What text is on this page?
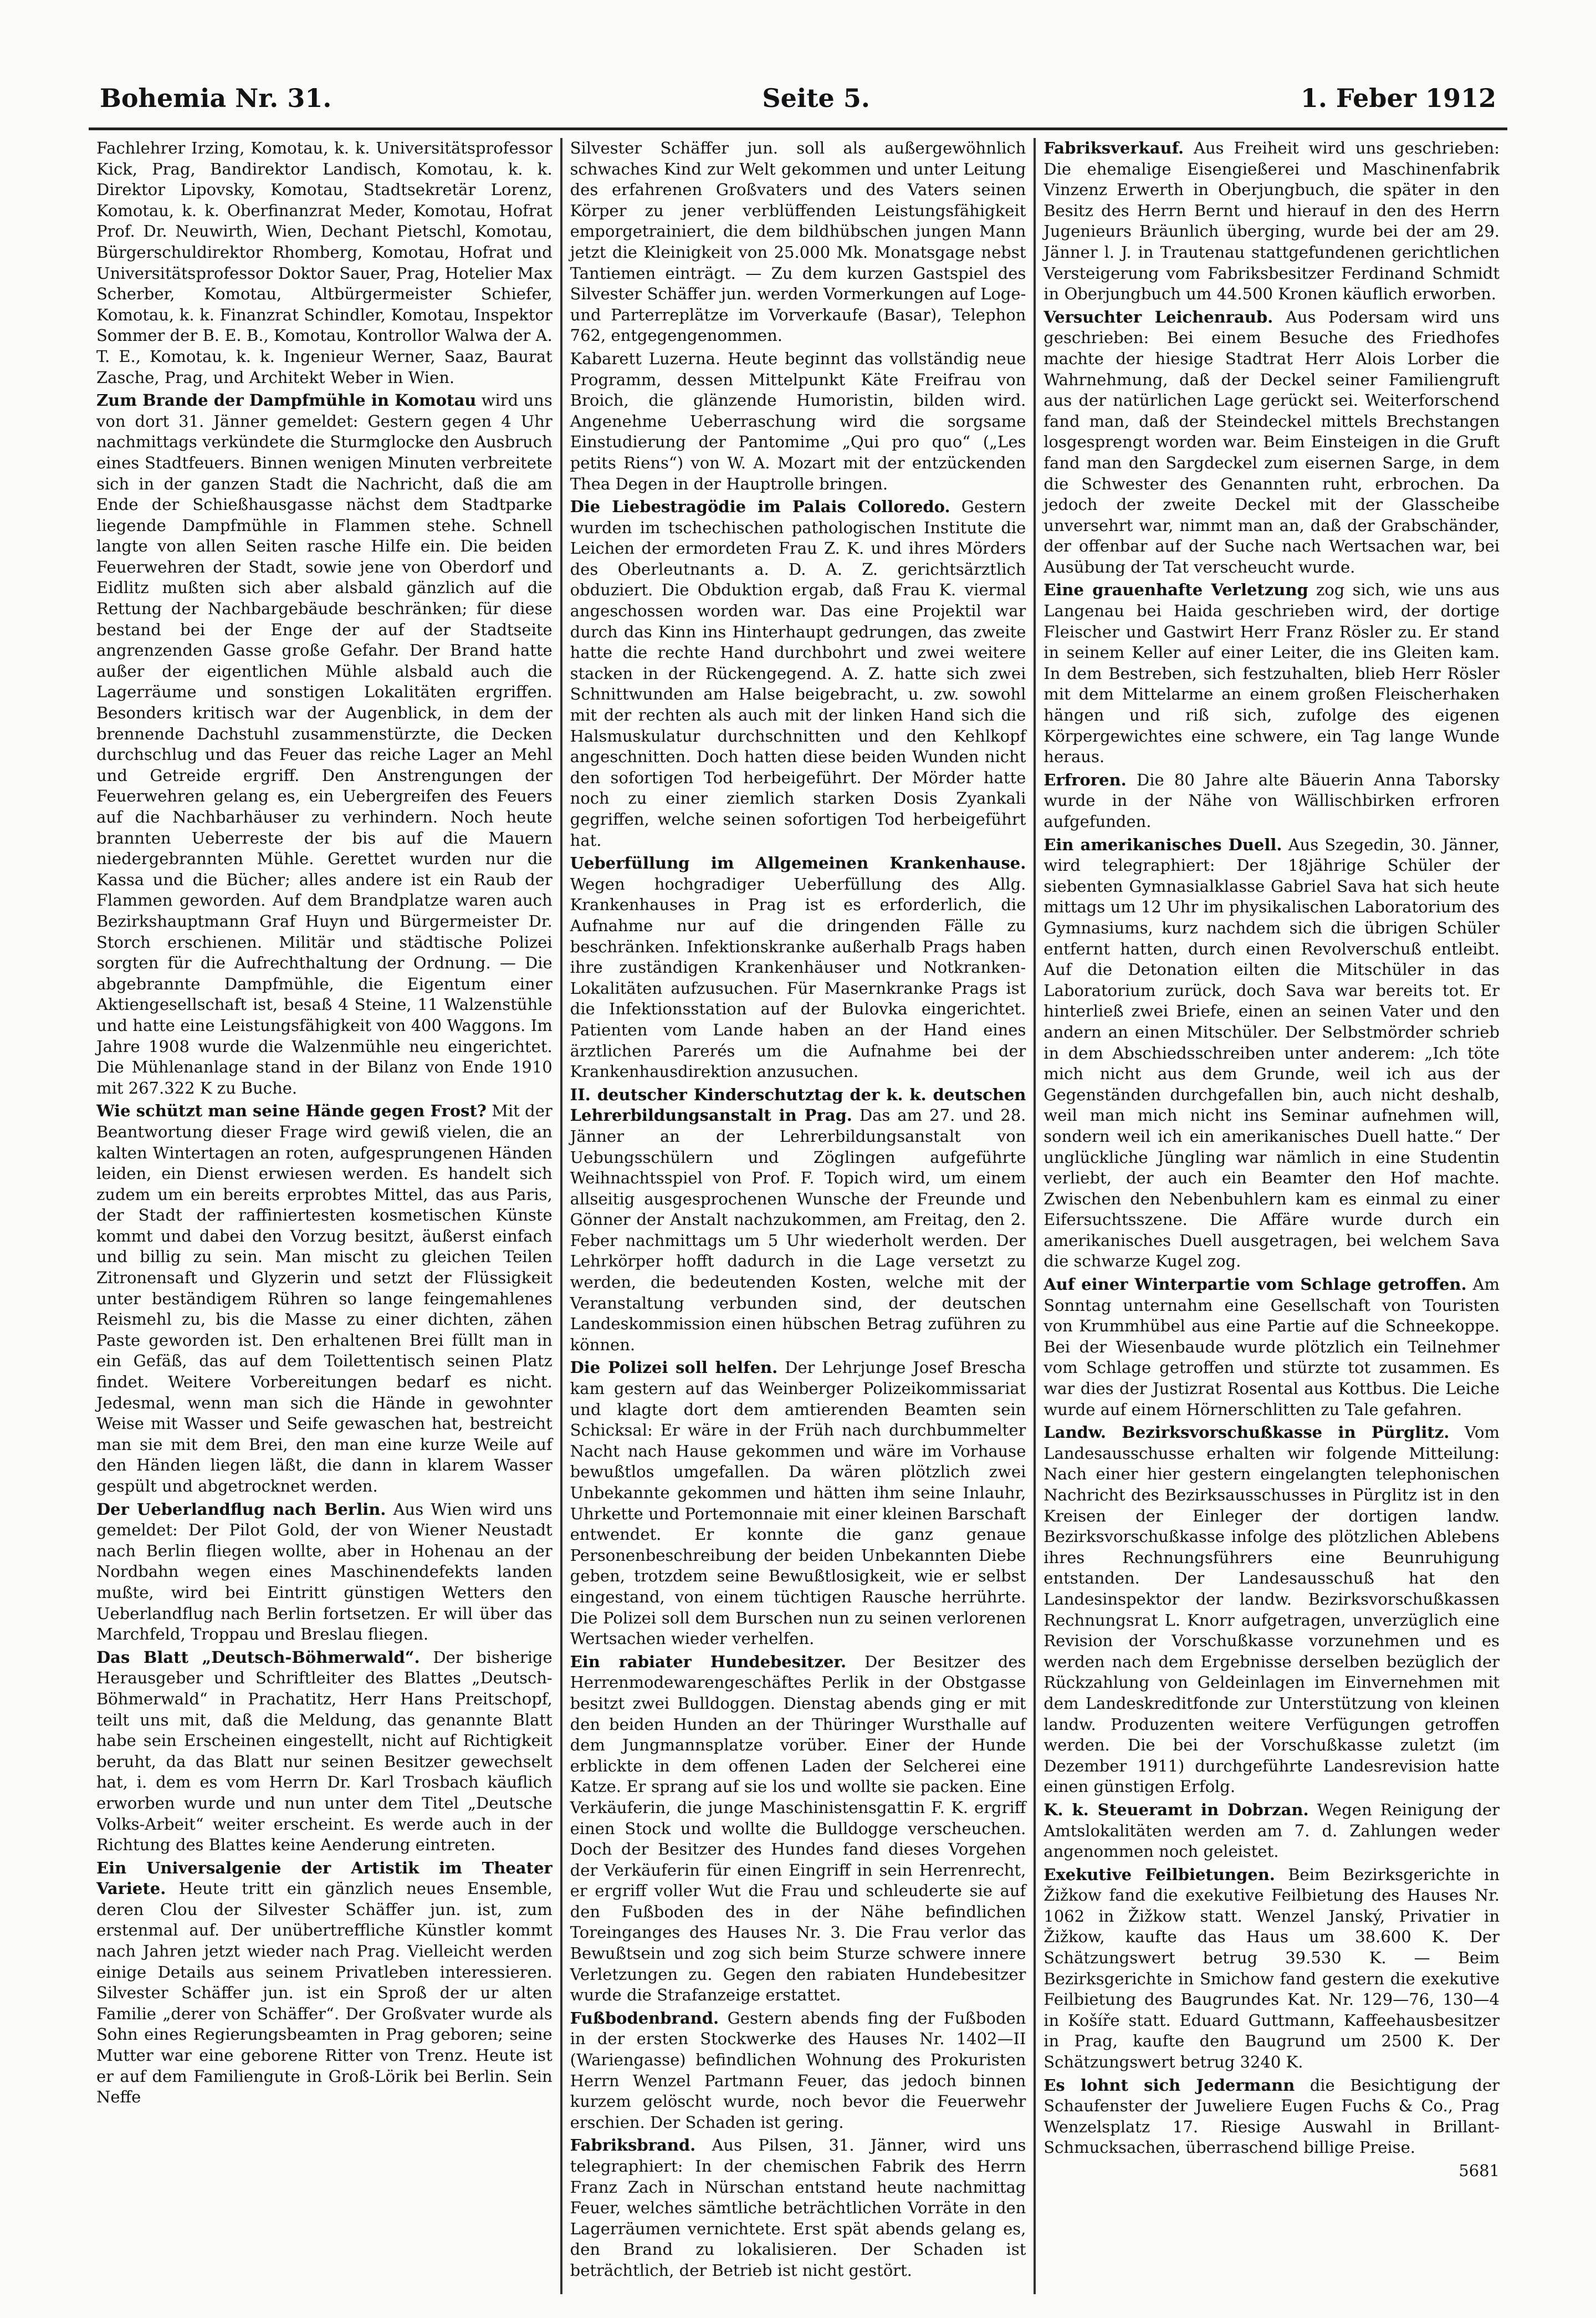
Bohemia Nr. 31.	Seite 5.	1. Feber 1912

Fachlehrer Irzing, Komotau, k. k. Universitätsprofessor Kick, Prag, Bandirektor Landisch, Komotau, k. k. Direktor Lipovsky, Komotau, Stadtsekretär Lorenz, Komotau, k. k. Oberfinanzrat Meder, Komotau, Hofrat Prof. Dr. Neuwirth, Wien, Dechant Pietschl, Komotau, Bürgerschuldirektor Rhomberg, Komotau, Hofrat und Universitätsprofessor Doktor Sauer, Prag, Hotelier Max Scherber, Komotau, Altbürgermeister Schiefer, Komotau, k. k. Finanzrat Schindler, Komotau, Inspektor Sommer der B. E. B., Komotau, Kontrollor Walwa der A. T. E., Komotau, k. k. Ingenieur Werner, Saaz, Baurat Zasche, Prag, und Architekt Weber in Wien.

Zum Brande der Dampfmühle in Komotau wird uns von dort 31. Jänner gemeldet: Gestern gegen 4 Uhr nachmittags verkündete die Sturmglocke den Ausbruch eines Stadtfeuers. Binnen wenigen Minuten verbreitete sich in der ganzen Stadt die Nachricht, daß die am Ende der Schießhausgasse nächst dem Stadtparke liegende Dampfmühle in Flammen stehe. Schnell langte von allen Seiten rasche Hilfe ein. Die beiden Feuerwehren der Stadt, sowie jene von Oberdorf und Eidlitz mußten sich aber alsbald gänzlich auf die Rettung der Nachbargebäude beschränken; für diese bestand bei der Enge der auf der Stadtseite angrenzenden Gasse große Gefahr. Der Brand hatte außer der eigentlichen Mühle alsbald auch die Lagerräume und sonstigen Lokalitäten ergriffen. Besonders kritisch war der Augenblick, in dem der brennende Dachstuhl zusammenstürzte, die Decken durchschlug und das Feuer das reiche Lager an Mehl und Getreide ergriff. Den Anstrengungen der Feuerwehren gelang es, ein Uebergreifen des Feuers auf die Nachbarhäuser zu verhindern. Noch heute brannten Ueberreste der bis auf die Mauern niedergebrannten Mühle. Gerettet wurden nur die Kassa und die Bücher; alles andere ist ein Raub der Flammen geworden. Auf dem Brandplatze waren auch Bezirkshauptmann Graf Huyn und Bürgermeister Dr. Storch erschienen. Militär und städtische Polizei sorgten für die Aufrechthaltung der Ordnung. — Die abgebrannte Dampfmühle, die Eigentum einer Aktiengesellschaft ist, besaß 4 Steine, 11 Walzenstühle und hatte eine Leistungsfähigkeit von 400 Waggons. Im Jahre 1908 wurde die Walzenmühle neu eingerichtet. Die Mühlenanlage stand in der Bilanz von Ende 1910 mit 267.322 K zu Buche.

Wie schützt man seine Hände gegen Frost? Mit der Beantwortung dieser Frage wird gewiß vielen, die an kalten Wintertagen an roten, aufgesprungenen Händen leiden, ein Dienst erwiesen werden. Es handelt sich zudem um ein bereits erprobtes Mittel, das aus Paris, der Stadt der raffiniertesten kosmetischen Künste kommt und dabei den Vorzug besitzt, äußerst einfach und billig zu sein. Man mischt zu gleichen Teilen Zitronensaft und Glyzerin und setzt der Flüssigkeit unter beständigem Rühren so lange feingemahlenes Reismehl zu, bis die Masse zu einer dichten, zähen Paste geworden ist. Den erhaltenen Brei füllt man in ein Gefäß, das auf dem Toilettentisch seinen Platz findet. Weitere Vorbereitungen bedarf es nicht. Jedesmal, wenn man sich die Hände in gewohnter Weise mit Wasser und Seife gewaschen hat, bestreicht man sie mit dem Brei, den man eine kurze Weile auf den Händen liegen läßt, die dann in klarem Wasser gespült und abgetrocknet werden.

Der Ueberlandflug nach Berlin. Aus Wien wird uns gemeldet: Der Pilot Gold, der von Wiener Neustadt nach Berlin fliegen wollte, aber in Hohenau an der Nordbahn wegen eines Maschinendefekts landen mußte, wird bei Eintritt günstigen Wetters den Ueberlandflug nach Berlin fortsetzen. Er will über das Marchfeld, Troppau und Breslau fliegen.

Das Blatt „Deutsch-Böhmerwald“. Der bisherige Herausgeber und Schriftleiter des Blattes „Deutsch-Böhmerwald“ in Prachatitz, Herr Hans Preitschopf, teilt uns mit, daß die Meldung, das genannte Blatt habe sein Erscheinen eingestellt, nicht auf Richtigkeit beruht, da das Blatt nur seinen Besitzer gewechselt hat, i. dem es vom Herrn Dr. Karl Trosbach käuflich erworben wurde und nun unter dem Titel „Deutsche Volks-Arbeit“ weiter erscheint. Es werde auch in der Richtung des Blattes keine Aenderung eintreten.

Ein Universalgenie der Artistik im Theater Variete. Heute tritt ein gänzlich neues Ensemble, deren Clou der Silvester Schäffer jun. ist, zum erstenmal auf. Der unübertreffliche Künstler kommt nach Jahren jetzt wieder nach Prag. Vielleicht werden einige Details aus seinem Privatleben interessieren. Silvester Schäffer jun. ist ein Sproß der ur alten Familie „derer von Schäffer“. Der Großvater wurde als Sohn eines Regierungsbeamten in Prag geboren; seine Mutter war eine geborene Ritter von Trenz. Heute ist er auf dem Familiengute in Groß-Lörik bei Berlin. Sein Neffe

Silvester Schäffer jun. soll als außergewöhnlich schwaches Kind zur Welt gekommen und unter Leitung des erfahrenen Großvaters und des Vaters seinen Körper zu jener verblüffenden Leistungsfähigkeit emporgetrainiert, die dem bildhübschen jungen Mann jetzt die Kleinigkeit von 25.000 Mk. Monatsgage nebst Tantiemen einträgt. — Zu dem kurzen Gastspiel des Silvester Schäffer jun. werden Vormerkungen auf Loge- und Parterreplätze im Vorverkaufe (Basar), Telephon 762, entgegengenommen.

Kabarett Luzerna. Heute beginnt das vollständig neue Programm, dessen Mittelpunkt Käte Freifrau von Broich, die glänzende Humoristin, bilden wird. Angenehme Ueberraschung wird die sorgsame Einstudierung der Pantomime „Qui pro quo“ („Les petits Riens“) von W. A. Mozart mit der entzückenden Thea Degen in der Hauptrolle bringen.

Die Liebestragödie im Palais Colloredo. Gestern wurden im tschechischen pathologischen Institute die Leichen der ermordeten Frau Z. K. und ihres Mörders des Oberleutnants a. D. A. Z. gerichtsärztlich obduziert. Die Obduktion ergab, daß Frau K. viermal angeschossen worden war. Das eine Projektil war durch das Kinn ins Hinterhaupt gedrungen, das zweite hatte die rechte Hand durchbohrt und zwei weitere stacken in der Rückengegend. A. Z. hatte sich zwei Schnittwunden am Halse beigebracht, u. zw. sowohl mit der rechten als auch mit der linken Hand sich die Halsmuskulatur durchschnitten und den Kehlkopf angeschnitten. Doch hatten diese beiden Wunden nicht den sofortigen Tod herbeigeführt. Der Mörder hatte noch zu einer ziemlich starken Dosis Zyankali gegriffen, welche seinen sofortigen Tod herbeigeführt hat.

Ueberfüllung im Allgemeinen Krankenhause. Wegen hochgradiger Ueberfüllung des Allg. Krankenhauses in Prag ist es erforderlich, die Aufnahme nur auf die dringenden Fälle zu beschränken. Infektionskranke außerhalb Prags haben ihre zuständigen Krankenhäuser und Notkranken-Lokalitäten aufzusuchen. Für Masernkranke Prags ist die Infektionsstation auf der Bulovka eingerichtet. Patienten vom Lande haben an der Hand eines ärztlichen Parerés um die Aufnahme bei der Krankenhausdirektion anzusuchen.

II. deutscher Kinderschutztag der k. k. deutschen Lehrerbildungsanstalt in Prag. Das am 27. und 28. Jänner an der Lehrerbildungsanstalt von Uebungsschülern und Zöglingen aufgeführte Weihnachtsspiel von Prof. F. Topich wird, um einem allseitig ausgesprochenen Wunsche der Freunde und Gönner der Anstalt nachzukommen, am Freitag, den 2. Feber nachmittags um 5 Uhr wiederholt werden. Der Lehrkörper hofft dadurch in die Lage versetzt zu werden, die bedeutenden Kosten, welche mit der Veranstaltung verbunden sind, der deutschen Landeskommission einen hübschen Betrag zuführen zu können.

Die Polizei soll helfen. Der Lehrjunge Josef Brescha kam gestern auf das Weinberger Polizeikommissariat und klagte dort dem amtierenden Beamten sein Schicksal: Er wäre in der Früh nach durchbummelter Nacht nach Hause gekommen und wäre im Vorhause bewußtlos umgefallen. Da wären plötzlich zwei Unbekannte gekommen und hätten ihm seine Inlauhr, Uhrkette und Portemonnaie mit einer kleinen Barschaft entwendet. Er konnte die ganz genaue Personenbeschreibung der beiden Unbekannten Diebe geben, trotzdem seine Bewußtlosigkeit, wie er selbst eingestand, von einem tüchtigen Rausche herrührte. Die Polizei soll dem Burschen nun zu seinen verlorenen Wertsachen wieder verhelfen.

Ein rabiater Hundebesitzer. Der Besitzer des Herrenmodewarengeschäftes Perlik in der Obstgasse besitzt zwei Bulldoggen. Dienstag abends ging er mit den beiden Hunden an der Thüringer Wursthalle auf dem Jungmannsplatze vorüber. Einer der Hunde erblickte in dem offenen Laden der Selcherei eine Katze. Er sprang auf sie los und wollte sie packen. Eine Verkäuferin, die junge Maschinistensgattin F. K. ergriff einen Stock und wollte die Bulldogge verscheuchen. Doch der Besitzer des Hundes fand dieses Vorgehen der Verkäuferin für einen Eingriff in sein Herrenrecht, er ergriff voller Wut die Frau und schleuderte sie auf den Fußboden des in der Nähe befindlichen Toreinganges des Hauses Nr. 3. Die Frau verlor das Bewußtsein und zog sich beim Sturze schwere innere Verletzungen zu. Gegen den rabiaten Hundebesitzer wurde die Strafanzeige erstattet.

Fußbodenbrand. Gestern abends fing der Fußboden in der ersten Stockwerke des Hauses Nr. 1402—II (Wariengasse) befindlichen Wohnung des Prokuristen Herrn Wenzel Partmann Feuer, das jedoch binnen kurzem gelöscht wurde, noch bevor die Feuerwehr erschien. Der Schaden ist gering.

Fabriksbrand. Aus Pilsen, 31. Jänner, wird uns telegraphiert: In der chemischen Fabrik des Herrn Franz Zach in Nürschan entstand heute nachmittag Feuer, welches sämtliche beträchtlichen Vorräte in den Lagerräumen vernichtete. Erst spät abends gelang es, den Brand zu lokalisieren. Der Schaden ist beträchtlich, der Betrieb ist nicht gestört.

Fabriksverkauf. Aus Freiheit wird uns geschrieben: Die ehemalige Eisengießerei und Maschinenfabrik Vinzenz Erwerth in Oberjungbuch, die später in den Besitz des Herrn Bernt und hierauf in den des Herrn Jugenieurs Bräunlich überging, wurde bei der am 29. Jänner l. J. in Trautenau stattgefundenen gerichtlichen Versteigerung vom Fabriksbesitzer Ferdinand Schmidt in Oberjungbuch um 44.500 Kronen käuflich erworben.

Versuchter Leichenraub. Aus Podersam wird uns geschrieben: Bei einem Besuche des Friedhofes machte der hiesige Stadtrat Herr Alois Lorber die Wahrnehmung, daß der Deckel seiner Familiengruft aus der natürlichen Lage gerückt sei. Weiterforschend fand man, daß der Steindeckel mittels Brechstangen losgesprengt worden war. Beim Einsteigen in die Gruft fand man den Sargdeckel zum eisernen Sarge, in dem die Schwester des Genannten ruht, erbrochen. Da jedoch der zweite Deckel mit der Glasscheibe unversehrt war, nimmt man an, daß der Grabschänder, der offenbar auf der Suche nach Wertsachen war, bei Ausübung der Tat verscheucht wurde.

Eine grauenhafte Verletzung zog sich, wie uns aus Langenau bei Haida geschrieben wird, der dortige Fleischer und Gastwirt Herr Franz Rösler zu. Er stand in seinem Keller auf einer Leiter, die ins Gleiten kam. In dem Bestreben, sich festzuhalten, blieb Herr Rösler mit dem Mittelarme an einem großen Fleischerhaken hängen und riß sich, zufolge des eigenen Körpergewichtes eine schwere, ein Tag lange Wunde heraus.

Erfroren. Die 80 Jahre alte Bäuerin Anna Taborsky wurde in der Nähe von Wällischbirken erfroren aufgefunden.

Ein amerikanisches Duell. Aus Szegedin, 30. Jänner, wird telegraphiert: Der 18jährige Schüler der siebenten Gymnasialklasse Gabriel Sava hat sich heute mittags um 12 Uhr im physikalischen Laboratorium des Gymnasiums, kurz nachdem sich die übrigen Schüler entfernt hatten, durch einen Revolverschuß entleibt. Auf die Detonation eilten die Mitschüler in das Laboratorium zurück, doch Sava war bereits tot. Er hinterließ zwei Briefe, einen an seinen Vater und den andern an einen Mitschüler. Der Selbstmörder schrieb in dem Abschiedsschreiben unter anderem: „Ich töte mich nicht aus dem Grunde, weil ich aus der Gegenständen durchgefallen bin, auch nicht deshalb, weil man mich nicht ins Seminar aufnehmen will, sondern weil ich ein amerikanisches Duell hatte.“ Der unglückliche Jüngling war nämlich in eine Studentin verliebt, der auch ein Beamter den Hof machte. Zwischen den Nebenbuhlern kam es einmal zu einer Eifersuchtsszene. Die Affäre wurde durch ein amerikanisches Duell ausgetragen, bei welchem Sava die schwarze Kugel zog.

Auf einer Winterpartie vom Schlage getroffen. Am Sonntag unternahm eine Gesellschaft von Touristen von Krummhübel aus eine Partie auf die Schneekoppe. Bei der Wiesenbaude wurde plötzlich ein Teilnehmer vom Schlage getroffen und stürzte tot zusammen. Es war dies der Justizrat Rosental aus Kottbus. Die Leiche wurde auf einem Hörnerschlitten zu Tale gefahren.

Landw. Bezirksvorschußkasse in Pürglitz. Vom Landesausschusse erhalten wir folgende Mitteilung: Nach einer hier gestern eingelangten telephonischen Nachricht des Bezirksausschusses in Pürglitz ist in den Kreisen der Einleger der dortigen landw. Bezirksvorschußkasse infolge des plötzlichen Ablebens ihres Rechnungsführers eine Beunruhigung entstanden. Der Landesausschuß hat den Landesinspektor der landw. Bezirksvorschußkassen Rechnungsrat L. Knorr aufgetragen, unverzüglich eine Revision der Vorschußkasse vorzunehmen und es werden nach dem Ergebnisse derselben bezüglich der Rückzahlung von Geldeinlagen im Einvernehmen mit dem Landeskreditfonde zur Unterstützung von kleinen landw. Produzenten weitere Verfügungen getroffen werden. Die bei der Vorschußkasse zuletzt (im Dezember 1911) durchgeführte Landesrevision hatte einen günstigen Erfolg.

K. k. Steueramt in Dobrzan. Wegen Reinigung der Amtslokalitäten werden am 7. d. Zahlungen weder angenommen noch geleistet.

Exekutive Feilbietungen. Beim Bezirksgerichte in Žižkow fand die exekutive Feilbietung des Hauses Nr. 1062 in Žižkow statt. Wenzel Janský, Privatier in Žižkow, kaufte das Haus um 38.600 K. Der Schätzungswert betrug 39.530 K. — Beim Bezirksgerichte in Smichow fand gestern die exekutive Feilbietung des Baugrundes Kat. Nr. 129—76, 130—4 in Košíře statt. Eduard Guttmann, Kaffeehausbesitzer in Prag, kaufte den Baugrund um 2500 K. Der Schätzungswert betrug 3240 K.

Es lohnt sich Jedermann die Besichtigung der Schaufenster der Juweliere Eugen Fuchs & Co., Prag Wenzelsplatz 17. Riesige Auswahl in Brillant-Schmucksachen, überraschend billige Preise.

5681
